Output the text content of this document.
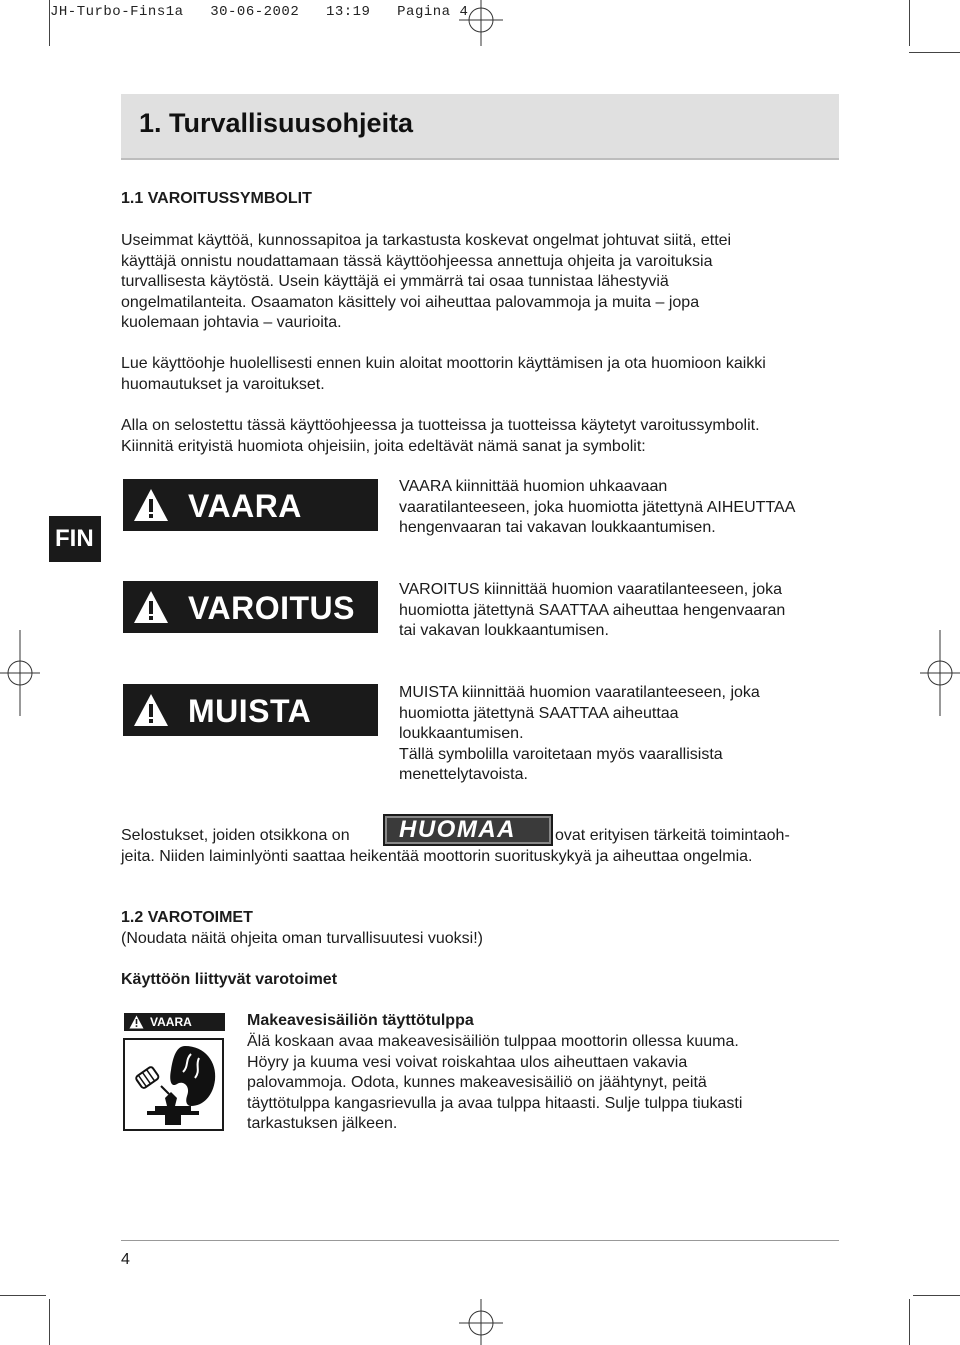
JH-Turbo-Fins1a   30-06-2002   13:19   Pagina 4
1. Turvallisuusohjeita
1.1 VAROITUSSYMBOLIT
Useimmat käyttöä, kunnossapitoa ja tarkastusta koskevat ongelmat johtuvat siitä, ettei
käyttäjä onnistu noudattamaan tässä käyttöohjeessa annettuja ohjeita ja varoituksia
turvallisesta käytöstä. Usein käyttäjä ei ymmärrä tai osaa tunnistaa lähestyviä
ongelmatilanteita. Osaamaton käsittely voi aiheuttaa palovammoja ja muita – jopa
kuolemaan johtavia – vaurioita.
Lue käyttöohje huolellisesti ennen kuin aloitat moottorin käyttämisen ja ota huomioon kaikki
huomautukset ja varoitukset.
Alla on selostettu tässä käyttöohjeessa ja tuotteissa ja tuotteissa käytetyt varoitussymbolit.
Kiinnitä erityistä huomiota ohjeisiin, joita edeltävät nämä sanat ja symbolit:
FIN
VAARA
VAARA kiinnittää huomion uhkaavaan
vaaratilanteeseen, joka huomiotta jätettynä AIHEUTTAA
hengenvaaran tai vakavan loukkaantumisen.
VAROITUS
VAROITUS kiinnittää huomion vaaratilanteeseen, joka
huomiotta jätettynä SAATTAA aiheuttaa hengenvaaran
tai vakavan loukkaantumisen.
MUISTA
MUISTA kiinnittää huomion vaaratilanteeseen, joka
huomiotta jätettynä SAATTAA aiheuttaa
loukkaantumisen.
Tällä symbolilla varoitetaan myös vaarallisista
menettelytavoista.
Selostukset, joiden otsikkona on	HUOMAA ovat erityisen tärkeitä toimintaoh-
jeita. Niiden laiminlyönti saattaa heikentää moottorin suorituskykyä ja aiheuttaa ongelmia.
1.2 VAROTOIMET
(Noudata näitä ohjeita oman turvallisuutesi vuoksi!)
Käyttöön liittyvät varotoimet
VAARA	Makeavesisäiliön täyttötulppa
Älä koskaan avaa makeavesisäiliön tulppaa moottorin ollessa kuuma.
Höyry ja kuuma vesi voivat roiskahtaa ulos aiheuttaen vakavia
palovammoja. Odota, kunnes makeavesisäiliö on jäähtynyt, peitä
täyttötulppa kangasrievulla ja avaa tulppa hitaasti. Sulje tulppa tiukasti
tarkastuksen jälkeen.
4
